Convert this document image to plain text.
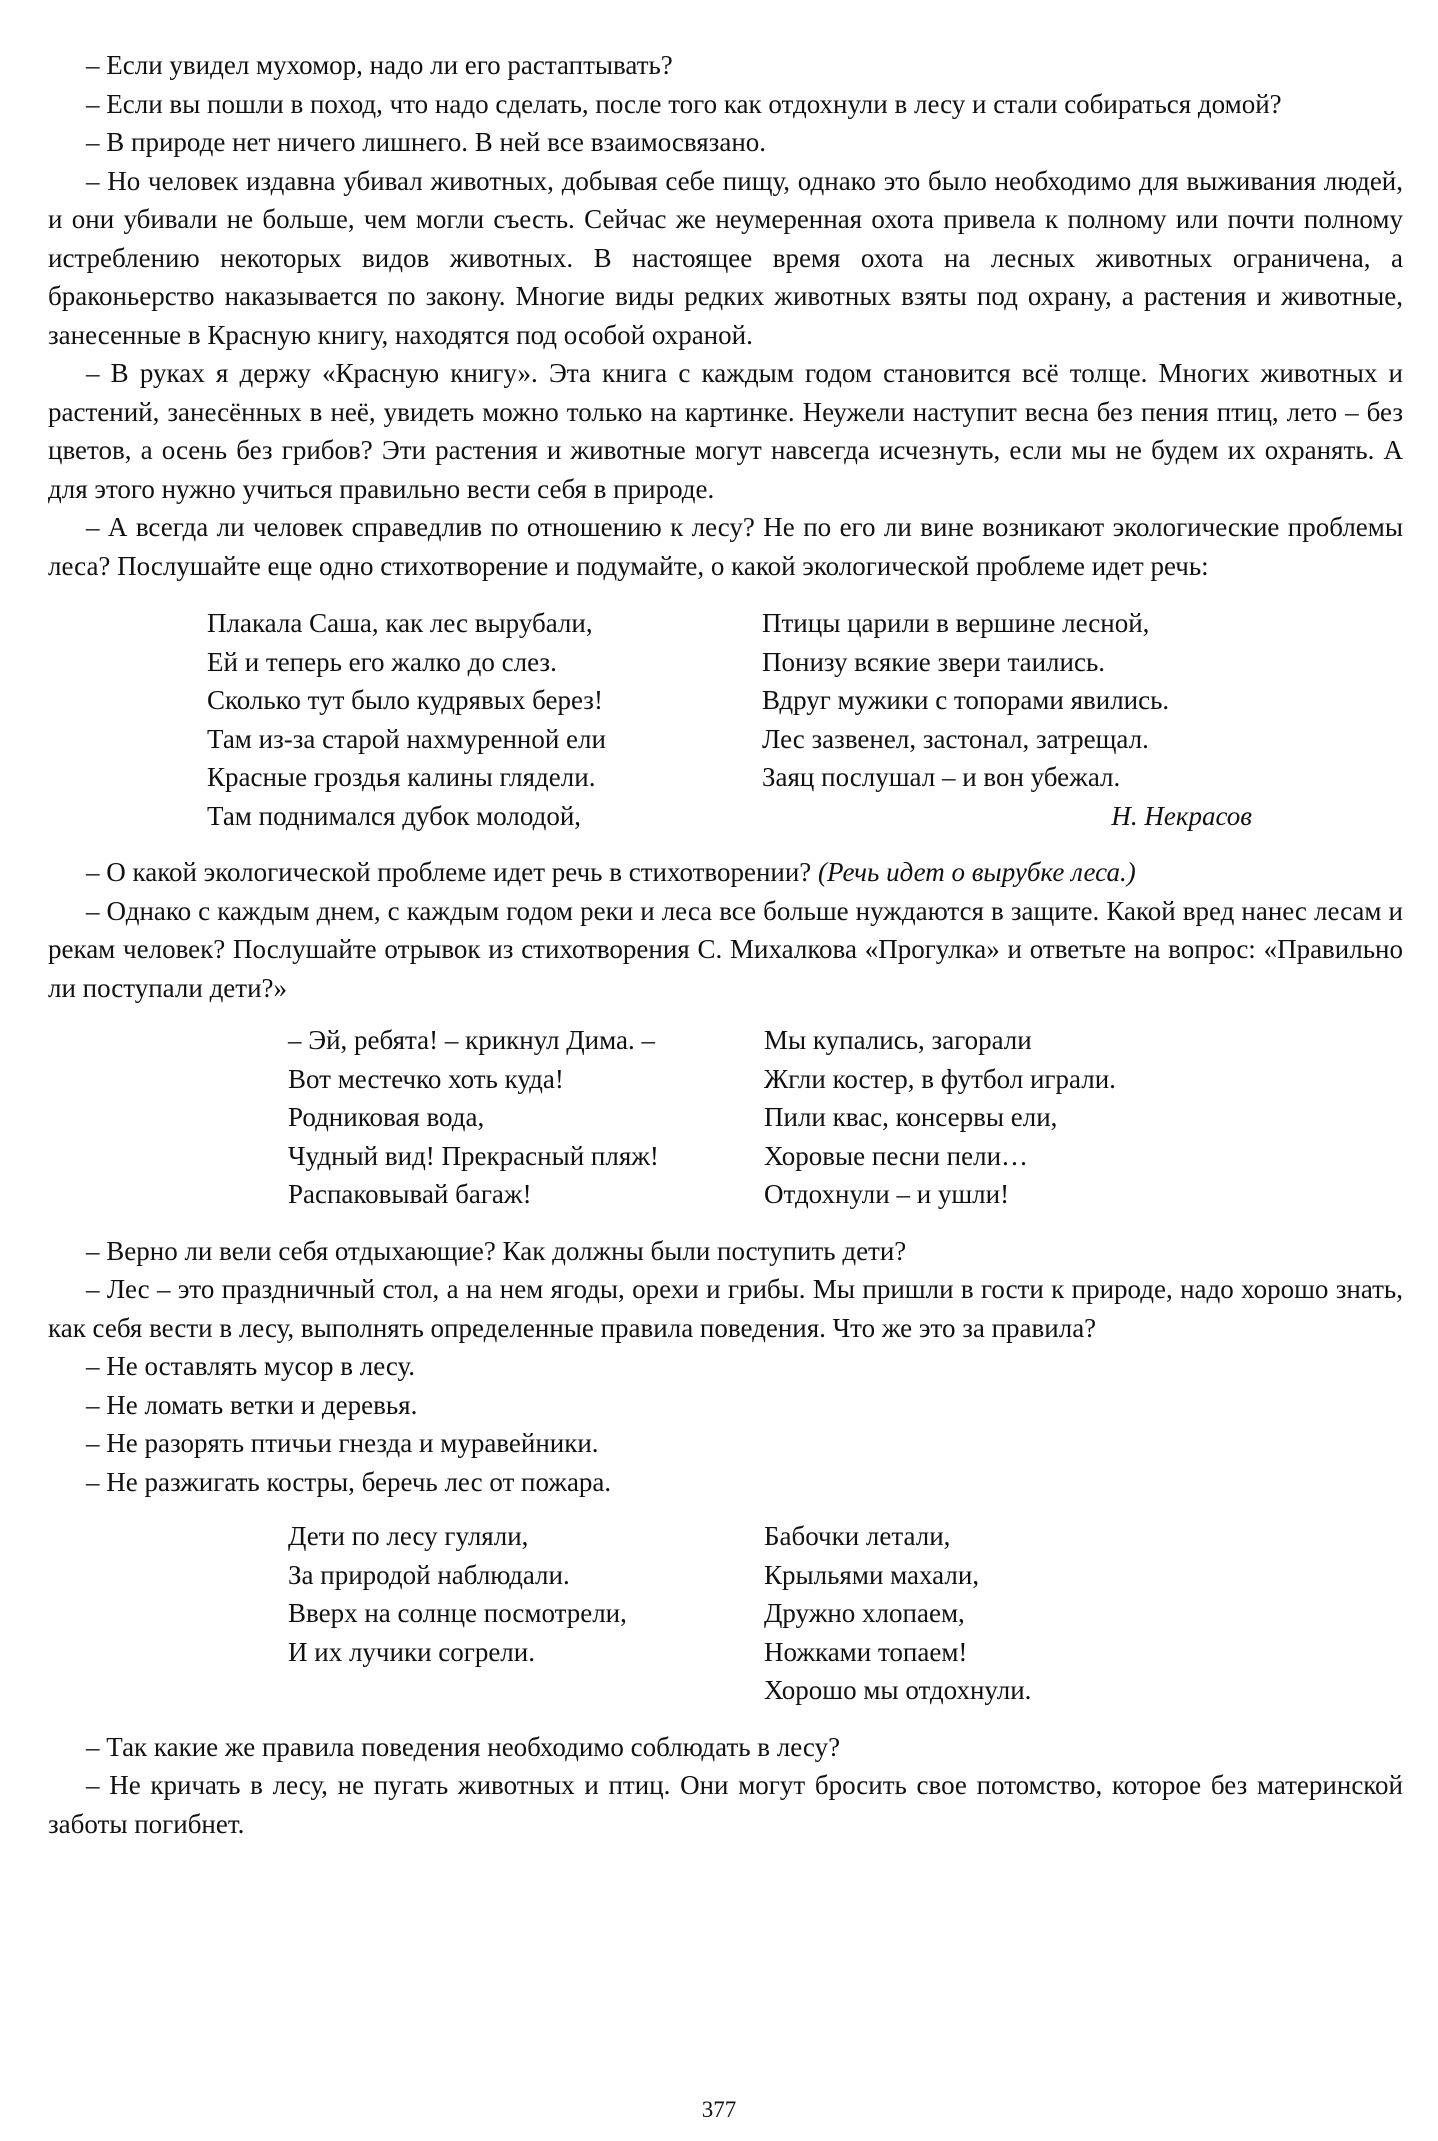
– Если увидел мухомор, надо ли его растаптывать?

– Если вы пошли в поход, что надо сделать, после того как отдохнули в лесу и стали собираться домой?

– В природе нет ничего лишнего. В ней все взаимосвязано.

– Но человек издавна убивал животных, добывая себе пищу, однако это было необходимо для выживания людей, и они убивали не больше, чем могли съесть. Сейчас же неумеренная охота привела к полному или почти полному истреблению некоторых видов животных. В настоящее время охота на лесных животных ограничена, а браконьерство наказывается по закону. Многие виды редких животных взяты под охрану, а растения и животные, занесенные в Красную книгу, находятся под особой охраной.

– В руках я держу «Красную книгу». Эта книга с каждым годом становится всё толще. Многих животных и растений, занесённых в неё, увидеть можно только на картинке. Неужели наступит весна без пения птиц, лето – без цветов, а осень без грибов? Эти растения и животные могут навсегда исчезнуть, если мы не будем их охранять. А для этого нужно учиться правильно вести себя в природе.

– А всегда ли человек справедлив по отношению к лесу? Не по его ли вине возникают экологические проблемы леса? Послушайте еще одно стихотворение и подумайте, о какой экологической проблеме идет речь:

Плакала Саша, как лес вырубали,
Ей и теперь его жалко до слез.
Сколько тут было кудрявых берез!
Там из-за старой нахмуренной ели
Красные гроздья калины глядели.
Там поднимался дубок молодой,
Птицы царили в вершине лесной,
Понизу всякие звери таились.
Вдруг мужики с топорами явились.
Лес зазвенел, застонал, затрещал.
Заяц послушал – и вон убежал.
Н. Некрасов

– О какой экологической проблеме идет речь в стихотворении? (Речь идет о вырубке леса.)

– Однако с каждым днем, с каждым годом реки и леса все больше нуждаются в защите. Какой вред нанес лесам и рекам человек? Послушайте отрывок из стихотворения С. Михалкова «Прогулка» и ответьте на вопрос: «Правильно ли поступали дети?»

– Эй, ребята! – крикнул Дима. –
Вот местечко хоть куда!
Родниковая вода,
Чудный вид! Прекрасный пляж!
Распаковывай багаж!
Мы купались, загорали
Жгли костер, в футбол играли.
Пили квас, консервы ели,
Хоровые песни пели…
Отдохнули – и ушли!

– Верно ли вели себя отдыхающие? Как должны были поступить дети?

– Лес – это праздничный стол, а на нем ягоды, орехи и грибы. Мы пришли в гости к природе, надо хорошо знать, как себя вести в лесу, выполнять определенные правила поведения. Что же это за правила?

– Не оставлять мусор в лесу.

– Не ломать ветки и деревья.

– Не разорять птичьи гнезда и муравейники.

– Не разжигать костры, беречь лес от пожара.

Дети по лесу гуляли,
За природой наблюдали.
Вверх на солнце посмотрели,
И их лучики согрели.
Бабочки летали,
Крыльями махали,
Дружно хлопаем,
Ножками топаем!
Хорошо мы отдохнули.

– Так какие же правила поведения необходимо соблюдать в лесу?

– Не кричать в лесу, не пугать животных и птиц. Они могут бросить свое потомство, которое без материнской заботы погибнет.

377
